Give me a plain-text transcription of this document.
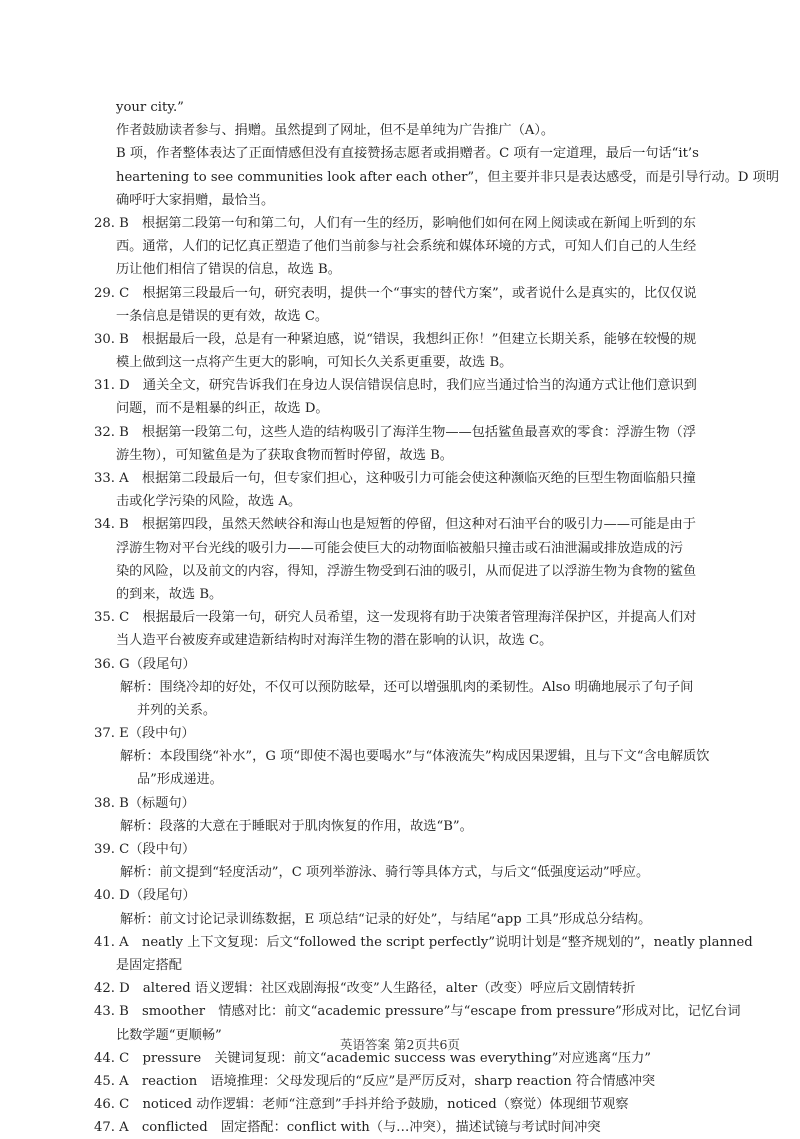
your city.”
作者鼓励读者参与、捐赠。虽然提到了网址，但不是单纯为广告推广（A）。
B 项，作者整体表达了正面情感但没有直接赞扬志愿者或捐赠者。C 项有一定道理，最后一句话“it’s
heartening to see communities look after each other”，但主要并非只是表达感受，而是引导行动。D 项明
确呼吁大家捐赠，最恰当。
28. B　根据第二段第一句和第二句，人们有一生的经历，影响他们如何在网上阅读或在新闻上听到的东
西。通常，人们的记忆真正塑造了他们当前参与社会系统和媒体环境的方式，可知人们自己的人生经
历让他们相信了错误的信息，故选 B。
29. C　根据第三段最后一句，研究表明，提供一个“事实的替代方案”，或者说什么是真实的，比仅仅说
一条信息是错误的更有效，故选 C。
30. B　根据最后一段，总是有一种紧迫感，说“错误，我想纠正你！”但建立长期关系，能够在较慢的规
模上做到这一点将产生更大的影响，可知长久关系更重要，故选 B。
31. D　通关全文，研究告诉我们在身边人误信错误信息时，我们应当通过恰当的沟通方式让他们意识到
问题，而不是粗暴的纠正，故选 D。
32. B　根据第一段第二句，这些人造的结构吸引了海洋生物——包括鲨鱼最喜欢的零食：浮游生物（浮
游生物），可知鲨鱼是为了获取食物而暂时停留，故选 B。
33. A　根据第二段最后一句，但专家们担心，这种吸引力可能会使这种濒临灭绝的巨型生物面临船只撞
击或化学污染的风险，故选 A。
34. B　根据第四段，虽然天然峡谷和海山也是短暂的停留，但这种对石油平台的吸引力——可能是由于
浮游生物对平台光线的吸引力——可能会使巨大的动物面临被船只撞击或石油泄漏或排放造成的污
染的风险，以及前文的内容，得知，浮游生物受到石油的吸引，从而促进了以浮游生物为食物的鲨鱼
的到来，故选 B。
35. C　根据最后一段第一句，研究人员希望，这一发现将有助于决策者管理海洋保护区，并提高人们对
当人造平台被废弃或建造新结构时对海洋生物的潜在影响的认识，故选 C。
36. G（段尾句）
解析：围绕冷却的好处，不仅可以预防眩晕，还可以增强肌肉的柔韧性。Also 明确地展示了句子间
并列的关系。
37. E（段中句）
解析：本段围绕“补水”，G 项“即使不渴也要喝水”与“体液流失”构成因果逻辑，且与下文“含电解质饮
品”形成递进。
38. B（标题句）
解析：段落的大意在于睡眠对于肌肉恢复的作用，故选“B”。
39. C（段中句）
解析：前文提到“轻度活动”，C 项列举游泳、骑行等具体方式，与后文“低强度运动”呼应。
40. D（段尾句）
解析：前文讨论记录训练数据，E 项总结“记录的好处”，与结尾“app 工具”形成总分结构。
41. A　neatly 上下文复现：后文“followed the script perfectly”说明计划是“整齐规划的”，neatly planned
是固定搭配
42. D　altered 语义逻辑：社区戏剧海报“改变”人生路径，alter（改变）呼应后文剧情转折
43. B　smoother　情感对比：前文“academic pressure”与“escape from pressure”形成对比，记忆台词
比数学题“更顺畅”
44. C　pressure　关键词复现：前文“academic success was everything”对应逃离“压力”
45. A　reaction　语境推理：父母发现后的“反应”是严厉反对，sharp reaction 符合情感冲突
46. C　noticed 动作逻辑：老师“注意到”手抖并给予鼓励，noticed（察觉）体现细节观察
47. A　conflicted　固定搭配：conflict with（与…冲突），描述试镜与考试时间冲突
英语答案 第2页共6页
